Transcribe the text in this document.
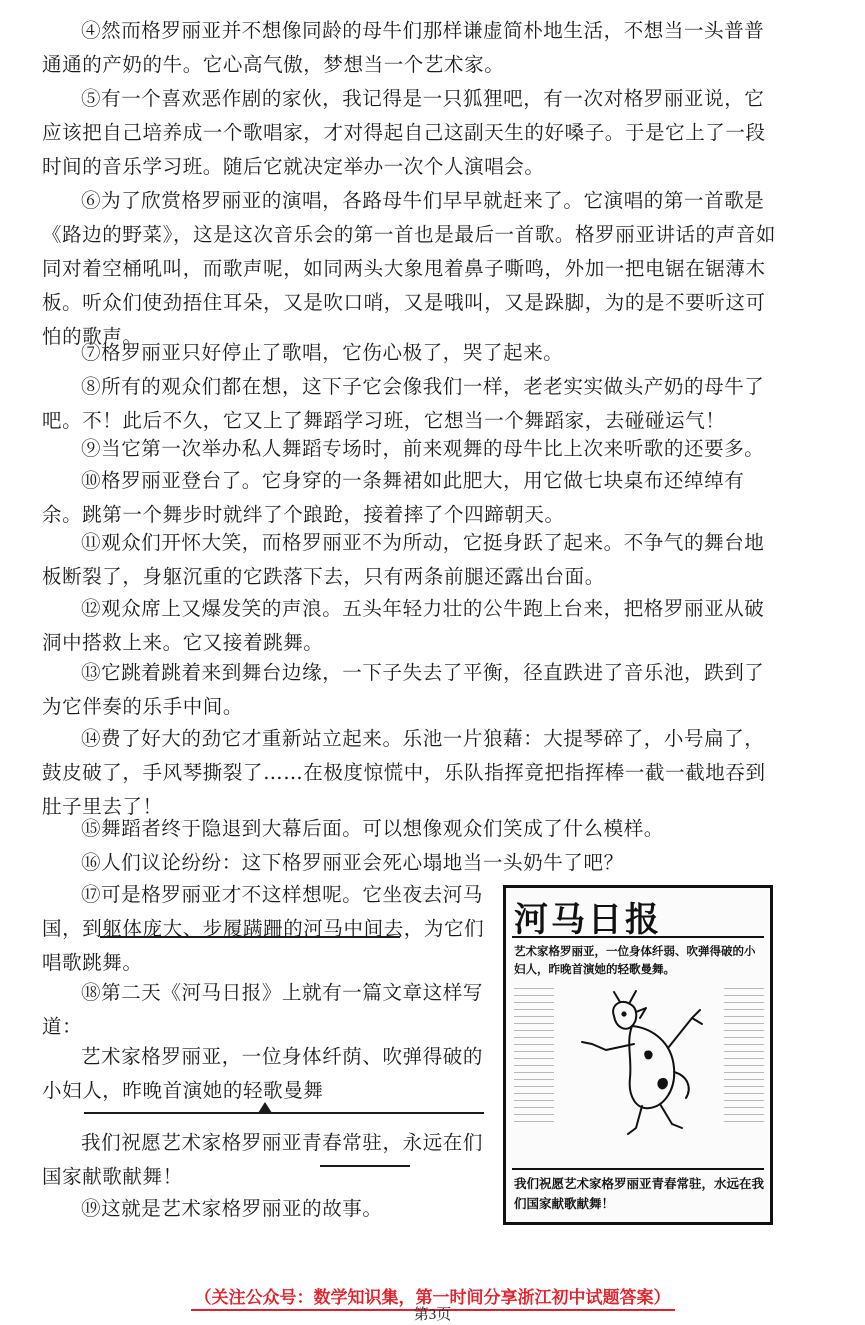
④然而格罗丽亚并不想像同龄的母牛们那样谦虚简朴地生活，不想当一头普普通通的产奶的牛。它心高气傲，梦想当一个艺术家。

⑤有一个喜欢恶作剧的家伙，我记得是一只狐狸吧，有一次对格罗丽亚说，它应该把自己培养成一个歌唱家，才对得起自己这副天生的好嗓子。于是它上了一段时间的音乐学习班。随后它就决定举办一次个人演唱会。

⑥为了欣赏格罗丽亚的演唱，各路母牛们早早就赶来了。它演唱的第一首歌是《路边的野菜》，这是这次音乐会的第一首也是最后一首歌。格罗丽亚讲话的声音如同对着空桶吼叫，而歌声呢，如同两头大象甩着鼻子嘶鸣，外加一把电锯在锯薄木板。听众们使劲捂住耳朵，又是吹口哨，又是哦叫，又是跺脚，为的是不要听这可怕的歌声。

⑦格罗丽亚只好停止了歌唱，它伤心极了，哭了起来。

⑧所有的观众们都在想，这下子它会像我们一样，老老实实做头产奶的母牛了吧。不！此后不久，它又上了舞蹈学习班，它想当一个舞蹈家，去碰碰运气！

⑨当它第一次举办私人舞蹈专场时，前来观舞的母牛比上次来听歌的还要多。

⑩格罗丽亚登台了。它身穿的一条舞裙如此肥大，用它做七块桌布还绰绰有余。跳第一个舞步时就绊了个踉跄，接着摔了个四蹄朝天。

⑪观众们开怀大笑，而格罗丽亚不为所动，它挺身跃了起来。不争气的舞台地板断裂了，身躯沉重的它跌落下去，只有两条前腿还露出台面。

⑫观众席上又爆发笑的声浪。五头年轻力壮的公牛跑上台来，把格罗丽亚从破洞中搭救上来。它又接着跳舞。

⑬它跳着跳着来到舞台边缘，一下子失去了平衡，径直跌进了音乐池，跌到了为它伴奏的乐手中间。

⑭费了好大的劲它才重新站立起来。乐池一片狼藉：大提琴碎了，小号扁了，鼓皮破了，手风琴撕裂了……在极度惊慌中，乐队指挥竟把指挥棒一截一截地吞到肚子里去了！

⑮舞蹈者终于隐退到大幕后面。可以想像观众们笑成了什么模样。

⑯人们议论纷纷：这下格罗丽亚会死心塌地当一头奶牛了吧？

⑰可是格罗丽亚才不这样想呢。它坐夜去河马国，到躯体庞大、步履蹒跚的河马中间去，为它们唱歌跳舞。

⑱第二天《河马日报》上就有一篇文章这样写道：

艺术家格罗丽亚，一位身体纤荫、吹弹得破的小妇人，昨晚首演她的轻歌曼舞

我们祝愿艺术家格罗丽亚青春常驻，永远在们国家献歌献舞！

⑲这就是艺术家格罗丽亚的故事。

河马日报
艺术家格罗丽亚，一位身体纤弱、吹弹得破的小妇人，昨晚首演她的轻歌曼舞。
我们祝愿艺术家格罗丽亚青春常驻，水远在我们国家献歌献舞！
（关注公众号：数学知识集，第一时间分享浙江初中试题答案）
第3页
